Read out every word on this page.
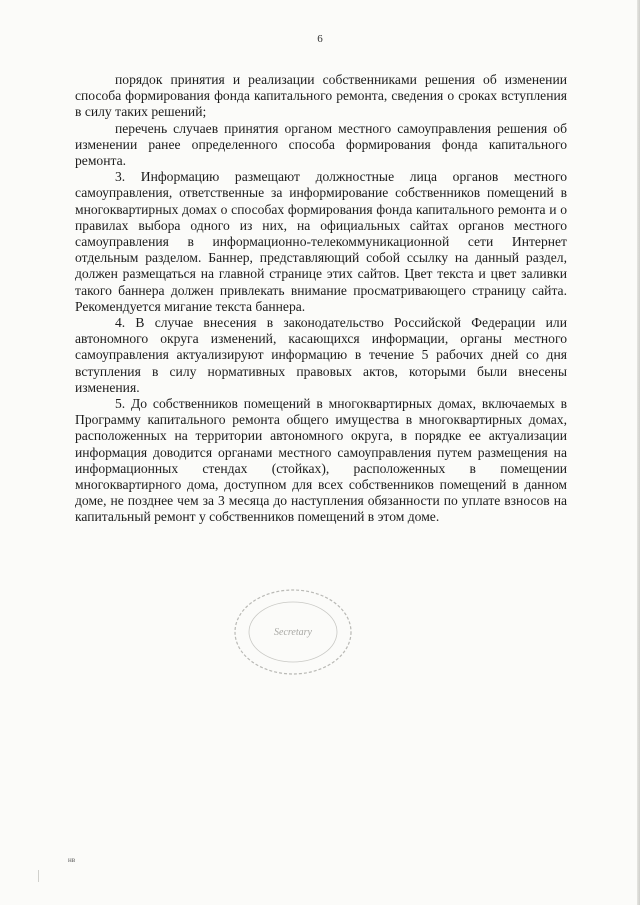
6

порядок принятия и реализации собственниками решения об изменении способа формирования фонда капитального ремонта, сведения о сроках вступления в силу таких решений;

перечень случаев принятия органом местного самоуправления решения об изменении ранее определенного способа формирования фонда капитального ремонта.

3. Информацию размещают должностные лица органов местного самоуправления, ответственные за информирование собственников помещений в многоквартирных домах о способах формирования фонда капитального ремонта и о правилах выбора одного из них, на официальных сайтах органов местного самоуправления в информационно-телекоммуникационной сети Интернет отдельным разделом. Баннер, представляющий собой ссылку на данный раздел, должен размещаться на главной странице этих сайтов. Цвет текста и цвет заливки такого баннера должен привлекать внимание просматривающего страницу сайта. Рекомендуется мигание текста баннера.

4. В случае внесения в законодательство Российской Федерации или автономного округа изменений, касающихся информации, органы местного самоуправления актуализируют информацию в течение 5 рабочих дней со дня вступления в силу нормативных правовых актов, которыми были внесены изменения.

5. До собственников помещений в многоквартирных домах, включаемых в Программу капитального ремонта общего имущества в многоквартирных домах, расположенных на территории автономного округа, в порядке ее актуализации информация доводится органами местного самоуправления путем размещения на информационных стендах (стойках), расположенных в помещении многоквартирного дома, доступном для всех собственников помещений в данном доме, не позднее чем за 3 месяца до наступления обязанности по уплате взносов на капитальный ремонт у собственников помещений в этом доме.

Secretary
нв
